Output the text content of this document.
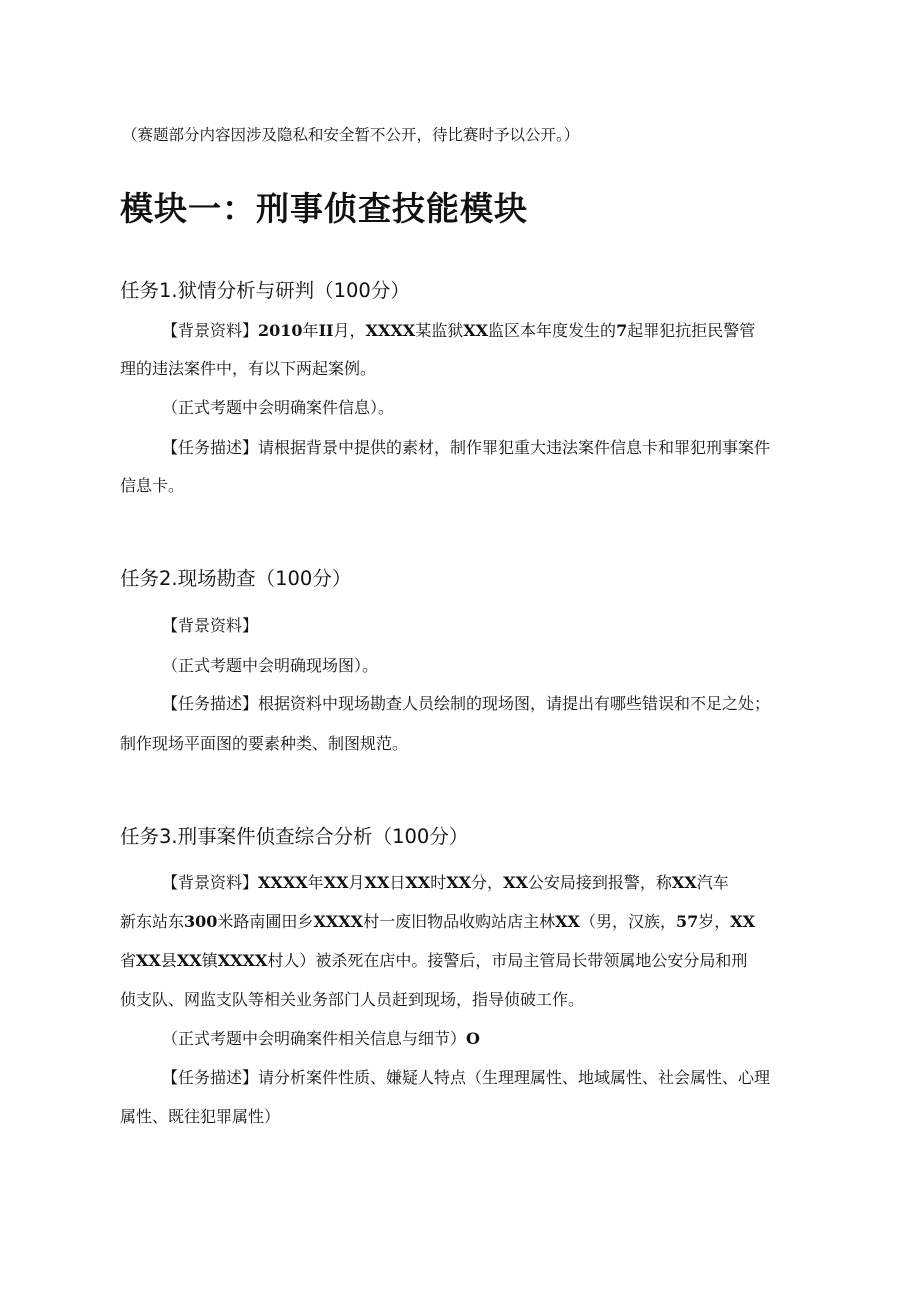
（赛题部分内容因涉及隐私和安全暂不公开，待比赛时予以公开。）
模块一：刑事侦查技能模块
任务1.狱情分析与研判（100分）
【背景资料】2010年II月，XXXX某监狱XX监区本年度发生的7起罪犯抗拒民警管
理的违法案件中，有以下两起案例。
（正式考题中会明确案件信息）。
【任务描述】请根据背景中提供的素材，制作罪犯重大违法案件信息卡和罪犯刑事案件
信息卡。
任务2.现场勘查（100分）
【背景资料】
（正式考题中会明确现场图）。
【任务描述】根据资料中现场勘查人员绘制的现场图，请提出有哪些错误和不足之处；
制作现场平面图的要素种类、制图规范。
任务3.刑事案件侦查综合分析（100分）
【背景资料】XXXX年XX月XX日XX时XX分，XX公安局接到报警，称XX汽车
新东站东300米路南圃田乡XXXX村一废旧物品收购站店主林XX（男，汉族，57岁，XX
省XX县XX镇XXXX村人）被杀死在店中。接警后，市局主管局长带领属地公安分局和刑
侦支队、网监支队等相关业务部门人员赶到现场，指导侦破工作。
（正式考题中会明确案件相关信息与细节）O
【任务描述】请分析案件性质、嫌疑人特点（生理理属性、地域属性、社会属性、心理
属性、既往犯罪属性）
